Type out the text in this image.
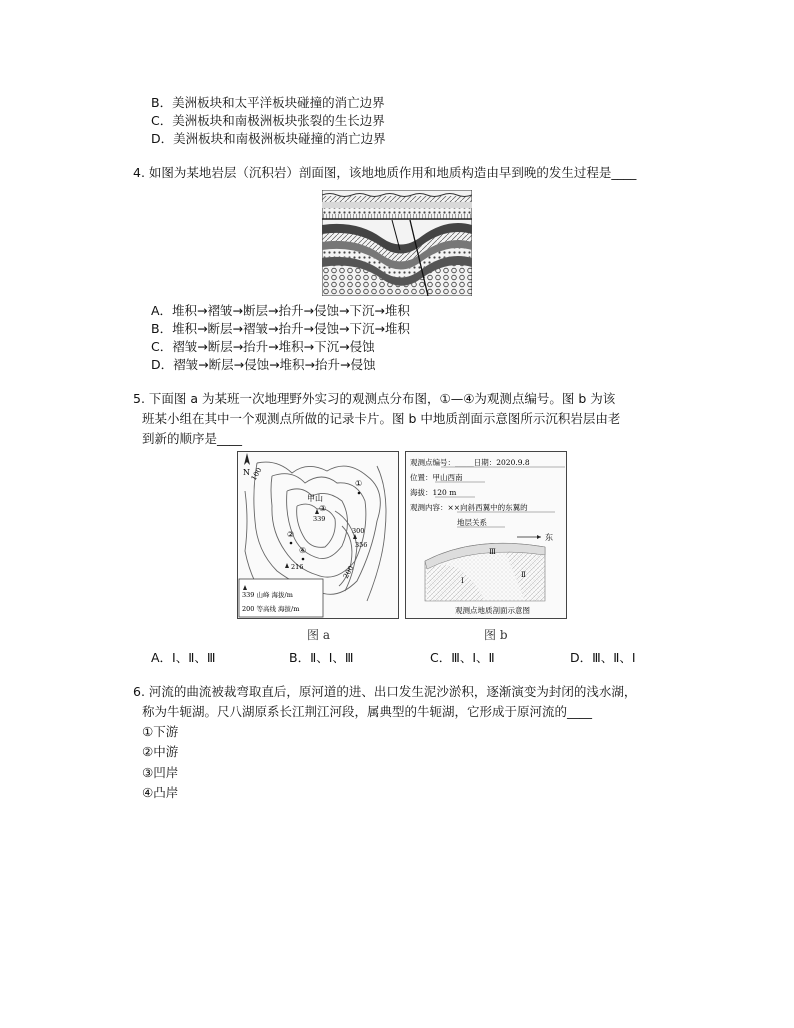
B．美洲板块和太平洋板块碰撞的消亡边界
C．美洲板块和南极洲板块张裂的生长边界
D．美洲板块和南极洲板块碰撞的消亡边界
4. 如图为某地岩层（沉积岩）剖面图，该地地质作用和地质构造由早到晚的发生过程是____
A．堆积→褶皱→断层→抬升→侵蚀→下沉→堆积
B．堆积→断层→褶皱→抬升→侵蚀→下沉→堆积
C．褶皱→断层→抬升→堆积→下沉→侵蚀
D．褶皱→断层→侵蚀→堆积→抬升→侵蚀
5. 下面图 a 为某班一次地理野外实习的观测点分布图，①—④为观测点编号。图 b 为该
班某小组在其中一个观测点所做的记录卡片。图 b 中地质剖面示意图所示沉积岩层由老
到新的顺序是____
N 100
200
甲山
339
①
②
③
④
300
356
216
339 山峰 海拔/m
200 等高线 海拔/m
图 a
观测点编号：_____日期：2020.9.8
位置：甲山西南
海拔：120 m
观测内容：××向斜西翼中的东翼的
地层关系
东
Ⅲ
Ⅰ
Ⅱ
观测点地质剖面示意图
图 b
A．Ⅰ、Ⅱ、Ⅲ	B．Ⅱ、Ⅰ、Ⅲ	C．Ⅲ、Ⅰ、Ⅱ	D．Ⅲ、Ⅱ、Ⅰ
6. 河流的曲流被裁弯取直后，原河道的进、出口发生泥沙淤积，逐渐演变为封闭的浅水湖，
称为牛轭湖。尺八湖原系长江荆江河段，属典型的牛轭湖，它形成于原河流的____
①下游
②中游
③凹岸
④凸岸
